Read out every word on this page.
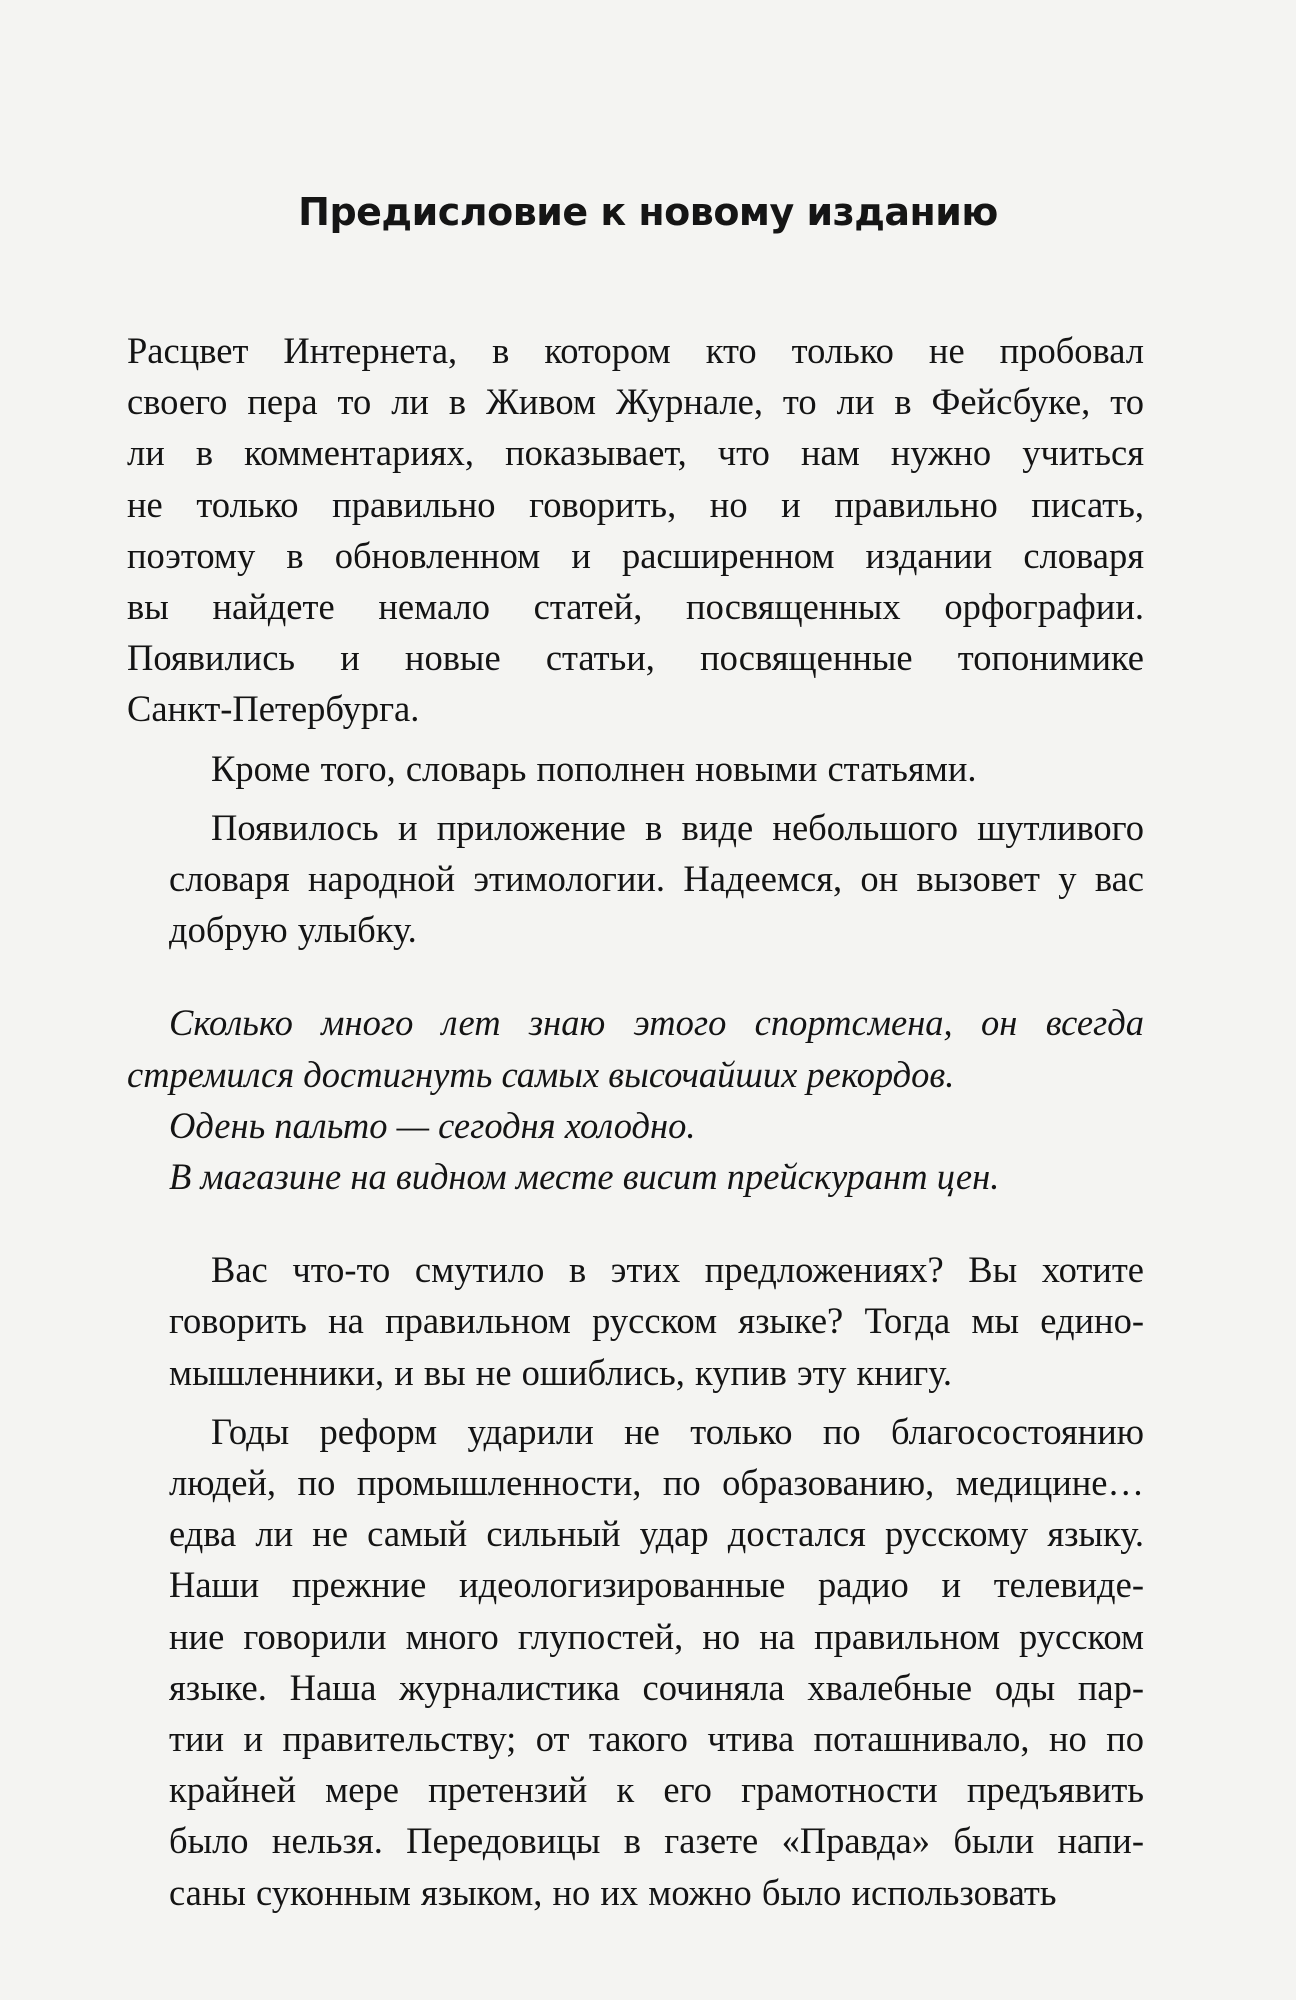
Предисловие к новому изданию
Расцвет Интернета, в котором кто только не пробовал
своего пера то ли в Живом Журнале, то ли в Фейсбуке, то
ли в комментариях, показывает, что нам нужно учиться
не только правильно говорить, но и правильно писать,
поэтому в обновленном и расширенном издании словаря
вы найдете немало статей, посвященных орфографии.
Появились и новые статьи, посвященные топонимике
Санкт-Петербурга.
Кроме того, словарь пополнен новыми статьями.
Появилось и приложение в виде небольшого шутливого
словаря народной этимологии. Надеемся, он вызовет у вас
добрую улыбку.
Сколько много лет знаю этого спортсмена, он всегда
стремился достигнуть самых высочайших рекордов.
Одень пальто — сегодня холодно.
В магазине на видном месте висит прейскурант цен.
Вас что-то смутило в этих предложениях? Вы хотите
говорить на правильном русском языке? Тогда мы едино-
мышленники, и вы не ошиблись, купив эту книгу.
Годы реформ ударили не только по благосостоянию
людей, по промышленности, по образованию, медицине…
едва ли не самый сильный удар достался русскому языку.
Наши прежние идеологизированные радио и телевиде-
ние говорили много глупостей, но на правильном русском
языке. Наша журналистика сочиняла хвалебные оды пар-
тии и правительству; от такого чтива поташнивало, но по
крайней мере претензий к его грамотности предъявить
было нельзя. Передовицы в газете «Правда» были напи-
саны суконным языком, но их можно было использовать
